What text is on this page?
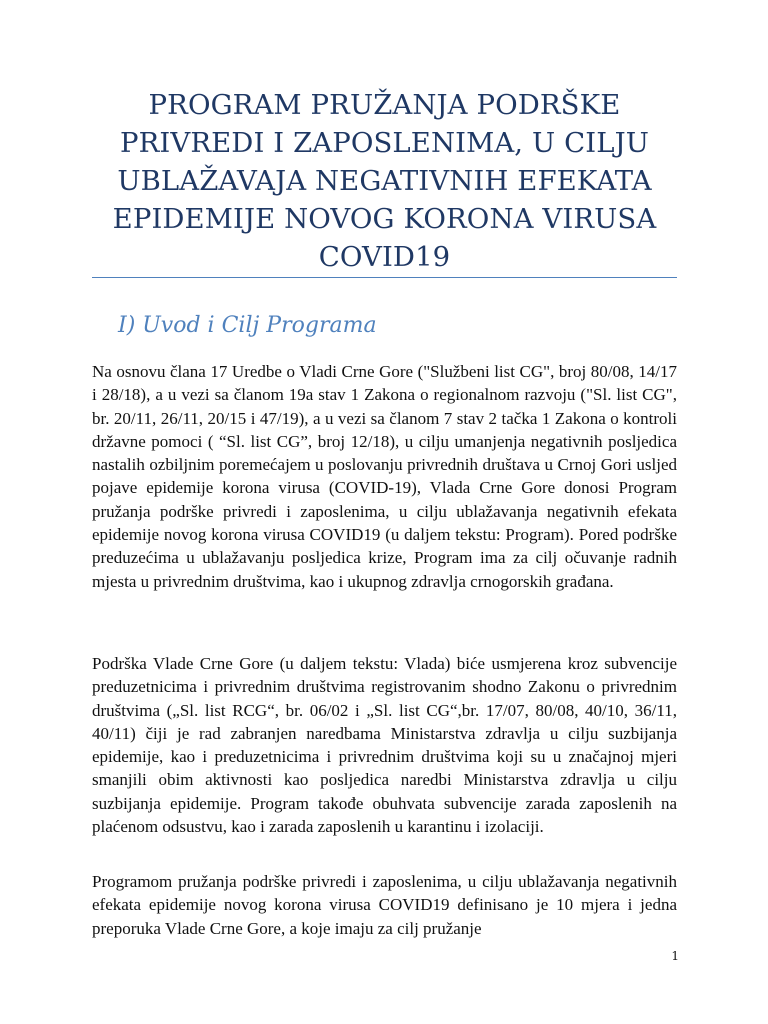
PROGRAM PRUŽANJA PODRŠKE PRIVREDI I ZAPOSLENIMA, U CILJU UBLAŽAVAJA NEGATIVNIH EFEKATA EPIDEMIJE NOVOG KORONA VIRUSA COVID19
I) Uvod i Cilj Programa

Na osnovu člana 17 Uredbe o Vladi Crne Gore ("Službeni list CG", broj 80/08, 14/17 i 28/18), a u vezi sa članom 19a stav 1 Zakona o regionalnom razvoju ("Sl. list CG", br. 20/11, 26/11, 20/15 i 47/19), a u vezi sa članom 7 stav 2 tačka 1 Zakona o kontroli državne pomoci ( “Sl. list CG”, broj 12/18), u cilju umanjenja negativnih posljedica nastalih ozbiljnim poremećajem u poslovanju privrednih društava u Crnoj Gori usljed pojave epidemije korona virusa (COVID-19), Vlada Crne Gore donosi Program pružanja podrške privredi i zaposlenima, u cilju ublažavanja negativnih efekata epidemije novog korona virusa COVID19 (u daljem tekstu: Program). Pored podrške preduzećima u ublažavanju posljedica krize, Program ima za cilj očuvanje radnih mjesta u privrednim društvima, kao i ukupnog zdravlja crnogorskih građana.

Podrška Vlade Crne Gore (u daljem tekstu: Vlada) biće usmjerena kroz subvencije preduzetnicima i privrednim društvima registrovanim shodno Zakonu o privrednim društvima („Sl. list RCG“, br. 06/02 i „Sl. list CG“,br. 17/07, 80/08, 40/10, 36/11, 40/11) čiji je rad zabranjen naredbama Ministarstva zdravlja u cilju suzbijanja epidemije, kao i preduzetnicima i privrednim društvima koji su u značajnoj mjeri smanjili obim aktivnosti kao posljedica naredbi Ministarstva zdravlja u cilju suzbijanja epidemije. Program takođe obuhvata subvencije zarada zaposlenih na plaćenom odsustvu, kao i zarada zaposlenih u karantinu i izolaciji.

Programom pružanja podrške privredi i zaposlenima, u cilju ublažavanja negativnih efekata epidemije novog korona virusa COVID19 definisano je 10 mjera i jedna preporuka Vlade Crne Gore, a koje imaju za cilj pružanje

1
